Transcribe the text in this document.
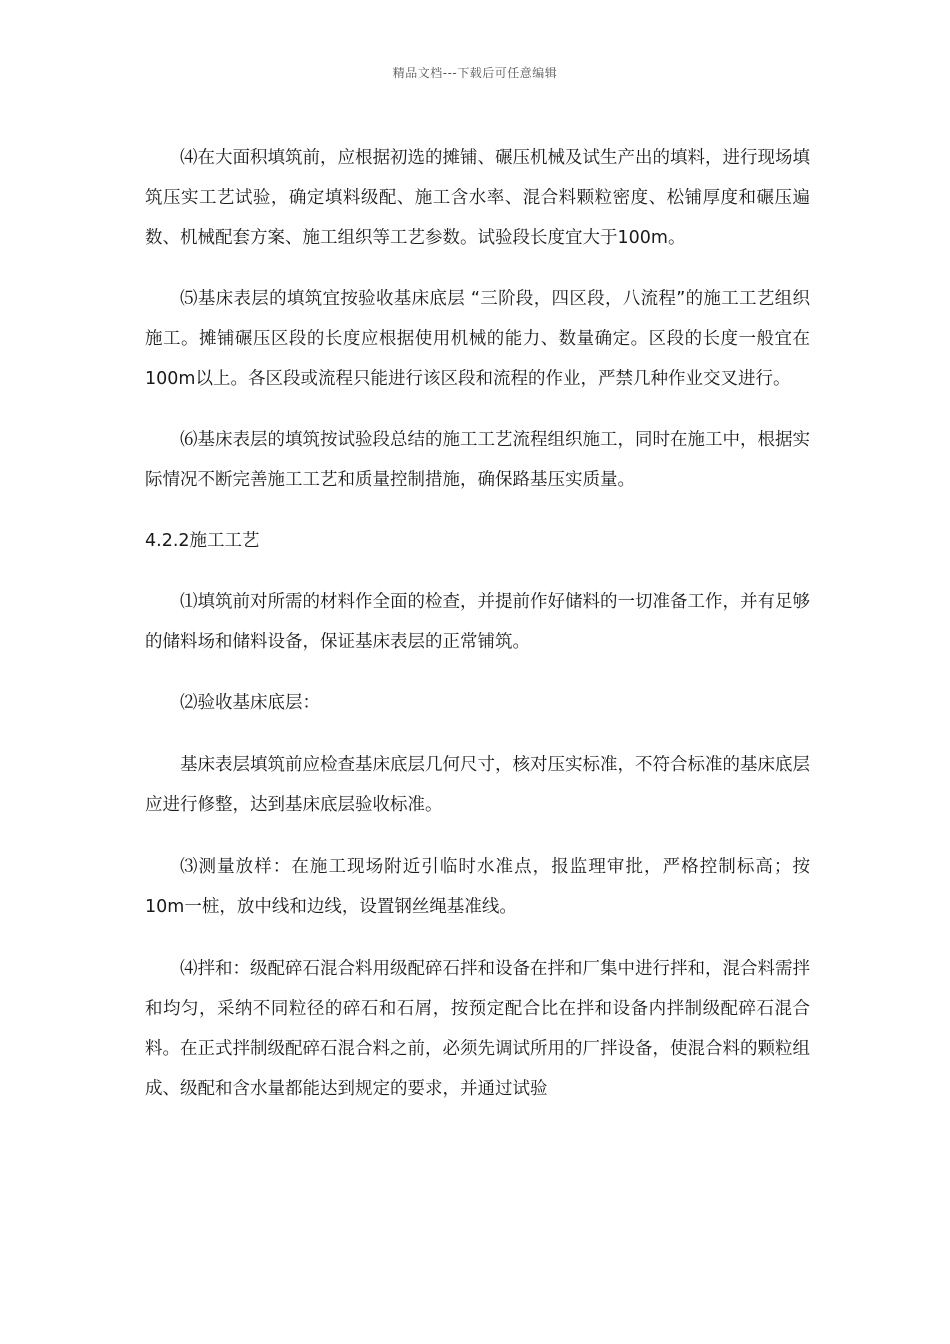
精品文档---下载后可任意编辑

⑷在大面积填筑前，应根据初选的摊铺、碾压机械及试生产出的填料，进行现场填筑压实工艺试验，确定填料级配、施工含水率、混合料颗粒密度、松铺厚度和碾压遍数、机械配套方案、施工组织等工艺参数。试验段长度宜大于100m。

⑸基床表层的填筑宜按验收基床底层 “三阶段，四区段，八流程”的施工工艺组织施工。摊铺碾压区段的长度应根据使用机械的能力、数量确定。区段的长度一般宜在100m以上。各区段或流程只能进行该区段和流程的作业，严禁几种作业交叉进行。

⑹基床表层的填筑按试验段总结的施工工艺流程组织施工，同时在施工中，根据实际情况不断完善施工工艺和质量控制措施，确保路基压实质量。

4.2.2施工工艺

⑴填筑前对所需的材料作全面的检查，并提前作好储料的一切准备工作，并有足够的储料场和储料设备，保证基床表层的正常铺筑。

⑵验收基床底层：

基床表层填筑前应检查基床底层几何尺寸，核对压实标准，不符合标准的基床底层应进行修整，达到基床底层验收标准。

⑶测量放样：在施工现场附近引临时水准点，报监理审批，严格控制标高；按10m一桩，放中线和边线，设置钢丝绳基准线。

⑷拌和：级配碎石混合料用级配碎石拌和设备在拌和厂集中进行拌和，混合料需拌和均匀，采纳不同粒径的碎石和石屑，按预定配合比在拌和设备内拌制级配碎石混合料。在正式拌制级配碎石混合料之前，必须先调试所用的厂拌设备，使混合料的颗粒组成、级配和含水量都能达到规定的要求，并通过试验
